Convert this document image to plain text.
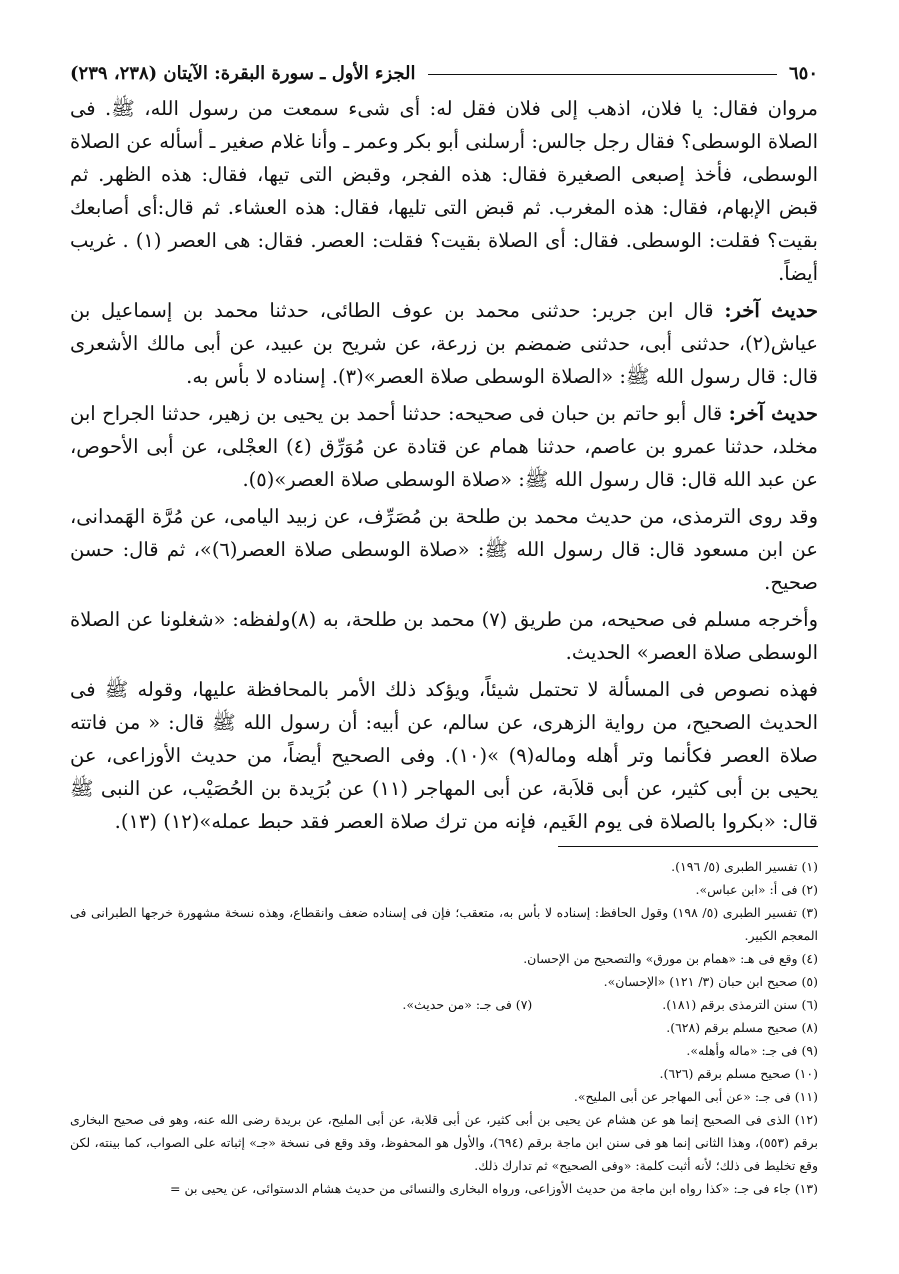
٦٥٠
الجزء الأول ـ سورة البقرة: الآيتان (٢٣٨، ٢٣٩)

مروان فقال: يا فلان، اذهب إلى فلان فقل له: أى شىء سمعت من رسول الله، ﷺ. فى الصلاة الوسطى؟ فقال رجل جالس: أرسلنى أبو بكر وعمر ـ وأنا غلام صغير ـ أسأله عن الصلاة الوسطى، فأخذ إصبعى الصغيرة فقال: هذه الفجر، وقبض التى تيها، فقال: هذه الظهر. ثم قبض الإبهام، فقال: هذه المغرب. ثم قبض التى تليها، فقال: هذه العشاء. ثم قال:أى أصابعك بقيت؟ فقلت: الوسطى. فقال: أى الصلاة بقيت؟ فقلت: العصر. فقال: هى العصر (١) . غريب أيضاً.

حديث آخر: قال ابن جرير: حدثنى محمد بن عوف الطائى، حدثنا محمد بن إسماعيل بن عياش(٢)، حدثنى أبى، حدثنى ضمضم بن زرعة، عن شريح بن عبيد، عن أبى مالك الأشعرى قال: قال رسول الله ﷺ: «الصلاة الوسطى صلاة العصر»(٣). إسناده لا بأس به.

حديث آخر: قال أبو حاتم بن حبان فى صحيحه: حدثنا أحمد بن يحيى بن زهير، حدثنا الجراح ابن مخلد، حدثنا عمرو بن عاصم، حدثنا همام عن قتادة عن مُوَرِّق (٤) العجْلى، عن أبى الأحوص، عن عبد الله قال: قال رسول الله ﷺ: «صلاة الوسطى صلاة العصر»(٥).

وقد روى الترمذى، من حديث محمد بن طلحة بن مُصَرِّف، عن زبيد اليامى، عن مُرَّة الهَمدانى، عن ابن مسعود قال: قال رسول الله ﷺ: «صلاة الوسطى صلاة العصر(٦)»، ثم قال: حسن صحيح.

وأخرجه مسلم فى صحيحه، من طريق (٧) محمد بن طلحة، به (٨)ولفظه: «شغلونا عن الصلاة الوسطى صلاة العصر» الحديث.

فهذه نصوص فى المسألة لا تحتمل شيئاً، ويؤكد ذلك الأمر بالمحافظة عليها، وقوله ﷺ فى الحديث الصحيح، من رواية الزهرى، عن سالم، عن أبيه: أن رسول الله ﷺ قال: « من فاتته صلاة العصر فكأنما وتر أهله وماله(٩) »(١٠). وفى الصحيح أيضاً، من حديث الأوزاعى، عن يحيى بن أبى كثير، عن أبى قلاَبة، عن أبى المهاجر (١١) عن بُرَيدة بن الحُصَيْب، عن النبى ﷺ قال: «بكروا بالصلاة فى يوم الغَيم، فإنه من ترك صلاة العصر فقد حبط عمله»(١٢) (١٣).

(١) تفسير الطبرى (٥/ ١٩٦).

(٢) فى أ: «ابن عباس».

(٣) تفسير الطبرى (٥/ ١٩٨) وقول الحافظ: إسناده لا بأس به، متعقب؛ فإن فى إسناده ضعف وانقطاع، وهذه نسخة مشهورة خرجها الطبرانى فى المعجم الكبير.

(٤) وقع فى هـ: «همام بن مورق» والتصحيح من الإحسان.

(٥) صحيح ابن حبان (٣/ ١٢١) «الإحسان».

(٦) سنن الترمذى برقم (١٨١).

(٧) فى جـ: «من حديث».

(٨) صحيح مسلم برقم (٦٢٨).

(٩) فى جـ: «ماله وأهله».

(١٠) صحيح مسلم برقم (٦٢٦).

(١١) فى جـ: «عن أبى المهاجر عن أبى المليح».

(١٢) الذى فى الصحيح إنما هو عن هشام عن يحيى بن أبى كثير، عن أبى قلابة، عن أبى المليح، عن بريدة رضى الله عنه، وهو فى صحيح البخارى برقم (٥٥٣)، وهذا الثانى إنما هو فى سنن ابن ماجة برقم (٦٩٤)، والأول هو المحفوظ، وقد وقع فى نسخة «جـ» إثباته على الصواب، كما بينته، لكن وقع تخليط فى ذلك؛ لأنه أثبت كلمة: «وفى الصحيح» ثم تدارك ذلك.

(١٣) جاء فى جـ: «كذا رواه ابن ماجة من حديث الأوزاعى، ورواه البخارى والنسائى من حديث هشام الدستوائى، عن يحيى بن =
